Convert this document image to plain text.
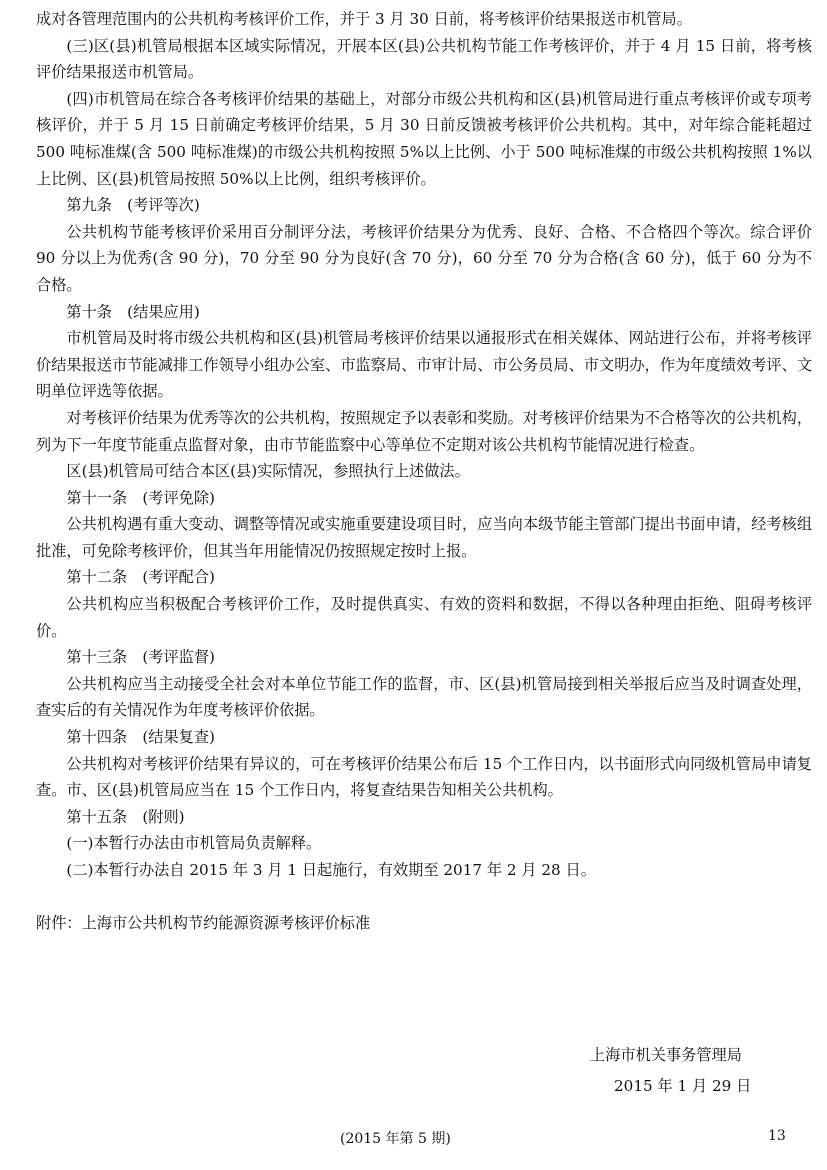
成对各管理范围内的公共机构考核评价工作，并于 3 月 30 日前，将考核评价结果报送市机管局。

(三)区(县)机管局根据本区域实际情况，开展本区(县)公共机构节能工作考核评价，并于 4 月 15 日前，将考核评价结果报送市机管局。

(四)市机管局在综合各考核评价结果的基础上，对部分市级公共机构和区(县)机管局进行重点考核评价或专项考核评价，并于 5 月 15 日前确定考核评价结果，5 月 30 日前反馈被考核评价公共机构。其中，对年综合能耗超过 500 吨标准煤(含 500 吨标准煤)的市级公共机构按照 5%以上比例、小于 500 吨标准煤的市级公共机构按照 1%以上比例、区(县)机管局按照 50%以上比例，组织考核评价。

第九条　(考评等次)

公共机构节能考核评价采用百分制评分法，考核评价结果分为优秀、良好、合格、不合格四个等次。综合评价 90 分以上为优秀(含 90 分)，70 分至 90 分为良好(含 70 分)，60 分至 70 分为合格(含 60 分)，低于 60 分为不合格。

第十条　(结果应用)

市机管局及时将市级公共机构和区(县)机管局考核评价结果以通报形式在相关媒体、网站进行公布，并将考核评价结果报送市节能减排工作领导小组办公室、市监察局、市审计局、市公务员局、市文明办，作为年度绩效考评、文明单位评选等依据。

对考核评价结果为优秀等次的公共机构，按照规定予以表彰和奖励。对考核评价结果为不合格等次的公共机构，列为下一年度节能重点监督对象，由市节能监察中心等单位不定期对该公共机构节能情况进行检查。

区(县)机管局可结合本区(县)实际情况，参照执行上述做法。

第十一条　(考评免除)

公共机构遇有重大变动、调整等情况或实施重要建设项目时，应当向本级节能主管部门提出书面申请，经考核组批准，可免除考核评价，但其当年用能情况仍按照规定按时上报。

第十二条　(考评配合)

公共机构应当积极配合考核评价工作，及时提供真实、有效的资料和数据，不得以各种理由拒绝、阻碍考核评价。

第十三条　(考评监督)

公共机构应当主动接受全社会对本单位节能工作的监督，市、区(县)机管局接到相关举报后应当及时调查处理，查实后的有关情况作为年度考核评价依据。

第十四条　(结果复查)

公共机构对考核评价结果有异议的，可在考核评价结果公布后 15 个工作日内，以书面形式向同级机管局申请复查。市、区(县)机管局应当在 15 个工作日内，将复查结果告知相关公共机构。

第十五条　(附则)

(一)本暂行办法由市机管局负责解释。

(二)本暂行办法自 2015 年 3 月 1 日起施行，有效期至 2017 年 2 月 28 日。

附件：上海市公共机构节约能源资源考核评价标准

上海市机关事务管理局
2015 年 1 月 29 日
(2015 年第 5 期)	13
